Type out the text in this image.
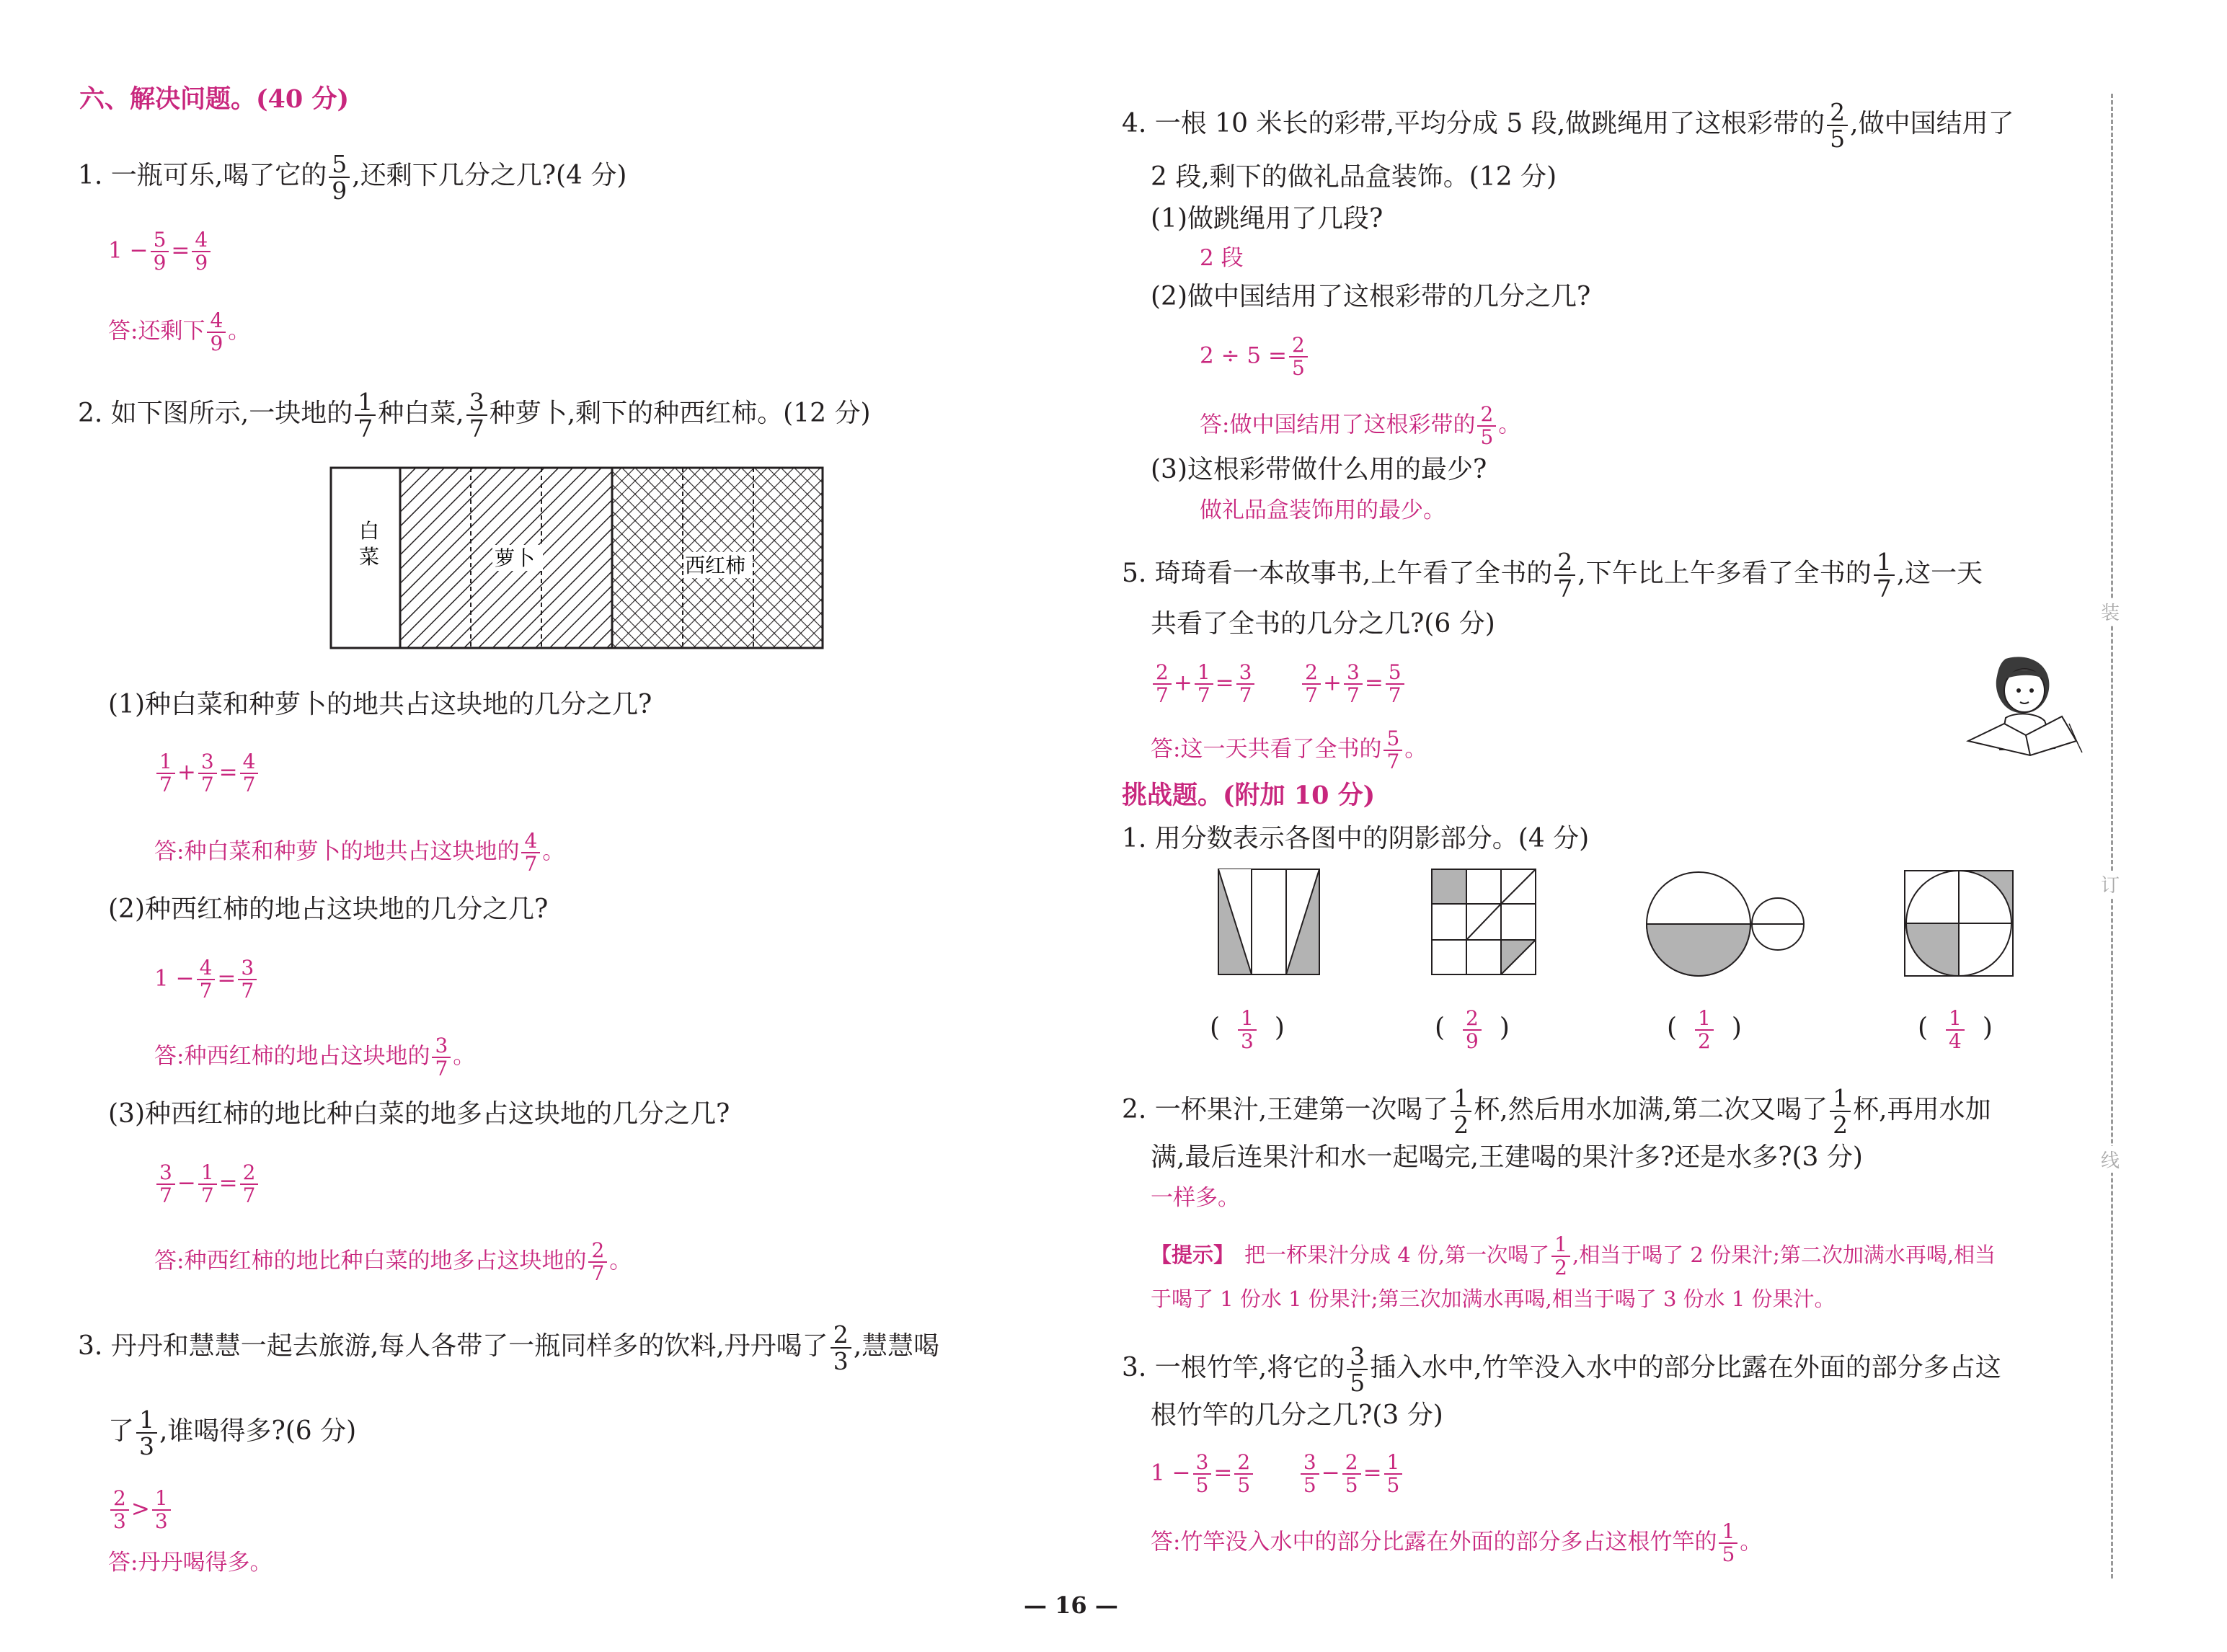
六、解决问题。(40 分)
1. 一瓶可乐,喝了它的 $\frac{5}{9}$ ,还剩下几分之几?(4 分)
$1 - \frac{5}{9} = \frac{4}{9}$
答:还剩下 $\frac{4}{9}$ 。
2. 如下图所示,一块地的 $\frac{1}{7}$ 种白菜, $\frac{3}{7}$ 种萝卜,剩下的种西红柿。(12 分)
白
菜	萝卜	西红柿
(1)种白菜和种萝卜的地共占这块地的几分之几?
$\frac{1}{7} + \frac{3}{7} = \frac{4}{7}$
答:种白菜和种萝卜的地共占这块地的 $\frac{4}{7}$ 。
(2)种西红柿的地占这块地的几分之几?
$1 - \frac{4}{7} = \frac{3}{7}$
答:种西红柿的地占这块地的 $\frac{3}{7}$ 。
(3)种西红柿的地比种白菜的地多占这块地的几分之几?
$\frac{3}{7} - \frac{1}{7} = \frac{2}{7}$
答:种西红柿的地比种白菜的地多占这块地的 $\frac{2}{7}$ 。
3. 丹丹和慧慧一起去旅游,每人各带了一瓶同样多的饮料,丹丹喝了 $\frac{2}{3}$ ,慧慧喝
了 $\frac{1}{3}$ ,谁喝得多?(6 分)
$\frac{2}{3} > \frac{1}{3}$
答:丹丹喝得多。
4. 一根 10 米长的彩带,平均分成 5 段,做跳绳用了这根彩带的 $\frac{2}{5}$ ,做中国结用了
2 段,剩下的做礼品盒装饰。(12 分)
(1)做跳绳用了几段?
2 段
(2)做中国结用了这根彩带的几分之几?
$2 \div 5 = \frac{2}{5}$
答:做中国结用了这根彩带的 $\frac{2}{5}$ 。
(3)这根彩带做什么用的最少?
做礼品盒装饰用的最少。
5. 琦琦看一本故事书,上午看了全书的 $\frac{2}{7}$ ,下午比上午多看了全书的 $\frac{1}{7}$ ,这一天
共看了全书的几分之几?(6 分)
$\frac{2}{7} + \frac{1}{7} = \frac{3}{7}$
$\frac{2}{7} + \frac{3}{7} = \frac{5}{7}$
答:这一天共看了全书的 $\frac{5}{7}$ 。
挑战题。(附加 10 分)
1. 用分数表示各图中的阴影部分。(4 分)
( $\frac{1}{3}$ )	( $\frac{2}{9}$ )	( $\frac{1}{2}$ )	( $\frac{1}{4}$ )
2. 一杯果汁,王建第一次喝了 $\frac{1}{2}$ 杯,然后用水加满,第二次又喝了 $\frac{1}{2}$ 杯,再用水加
满,最后连果汁和水一起喝完,王建喝的果汁多?还是水多?(3 分)
一样多。
【提示】 把一杯果汁分成 4 份,第一次喝了 $\frac{1}{2}$ ,相当于喝了 2 份果汁;第二次加满水再喝,相当
于喝了 1 份水 1 份果汁;第三次加满水再喝,相当于喝了 3 份水 1 份果汁。
3. 一根竹竿,将它的 $\frac{3}{5}$ 插入水中,竹竿没入水中的部分比露在外面的部分多占这
根竹竿的几分之几?(3 分)
$1 - \frac{3}{5} = \frac{2}{5}$
$\frac{3}{5} - \frac{2}{5} = \frac{1}{5}$
答:竹竿没入水中的部分比露在外面的部分多占这根竹竿的 $\frac{1}{5}$ 。
装
订
线
— 16 —
